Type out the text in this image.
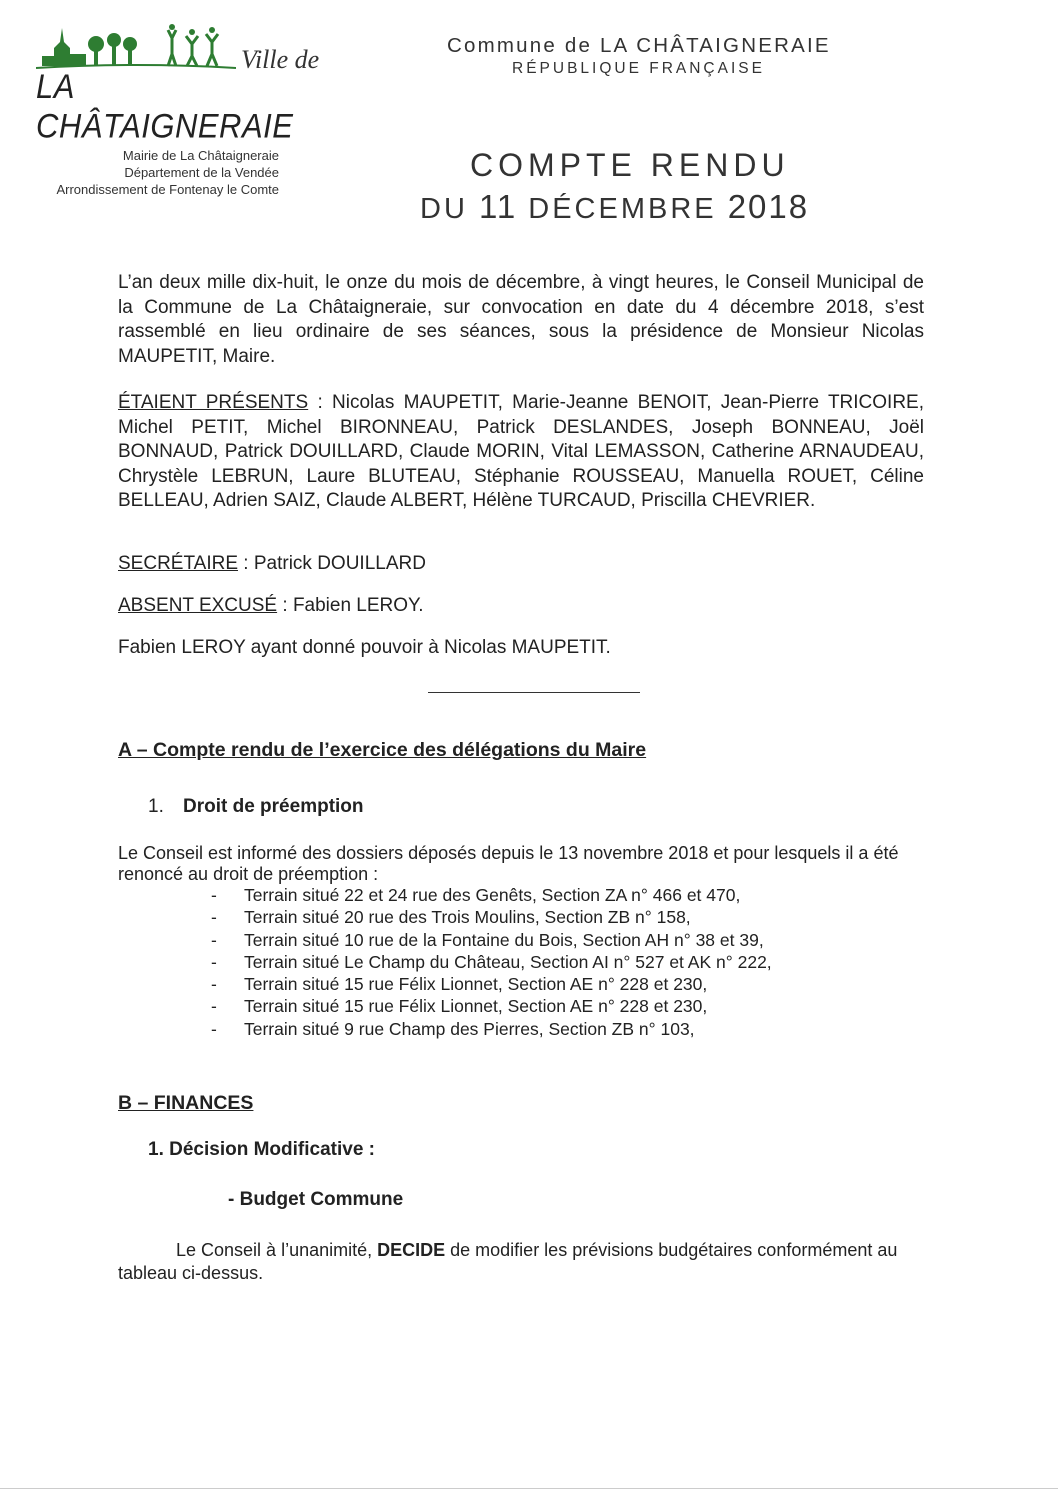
Ville de
LA CHÂTAIGNERAIE
Commune de LA CHÂTAIGNERAIE
RÉPUBLIQUE FRANÇAISE
Mairie de La Châtaigneraie
Département de la Vendée
Arrondissement de Fontenay le Comte
COMPTE RENDU
DU 11 DÉCEMBRE 2018
L’an deux mille dix-huit, le onze du mois de décembre, à vingt heures, le Conseil Municipal de la Commune de La Châtaigneraie, sur convocation en date du 4 décembre 2018, s’est rassemblé en lieu ordinaire de ses séances, sous la présidence de Monsieur Nicolas MAUPETIT, Maire.
ÉTAIENT PRÉSENTS : Nicolas MAUPETIT, Marie-Jeanne BENOIT, Jean-Pierre TRICOIRE, Michel PETIT, Michel BIRONNEAU, Patrick DESLANDES, Joseph BONNEAU, Joël BONNAUD, Patrick DOUILLARD, Claude MORIN, Vital LEMASSON, Catherine ARNAUDEAU, Chrystèle LEBRUN, Laure BLUTEAU, Stéphanie ROUSSEAU, Manuella ROUET, Céline BELLEAU, Adrien SAIZ, Claude ALBERT, Hélène TURCAUD, Priscilla CHEVRIER.
SECRÉTAIRE : Patrick DOUILLARD
ABSENT EXCUSÉ : Fabien LEROY.
Fabien LEROY ayant donné pouvoir à Nicolas MAUPETIT.
A – Compte rendu de l’exercice des délégations du Maire
1. Droit de préemption
Le Conseil est informé des dossiers déposés depuis le 13 novembre 2018 et pour lesquels il a été renoncé au droit de préemption :
- Terrain situé 22 et 24 rue des Genêts, Section ZA n° 466 et 470,
- Terrain situé 20 rue des Trois Moulins, Section ZB n° 158,
- Terrain situé 10 rue de la Fontaine du Bois, Section AH n° 38 et 39,
- Terrain situé Le Champ du Château, Section AI n° 527 et AK n° 222,
- Terrain situé 15 rue Félix Lionnet, Section AE n° 228 et 230,
- Terrain situé 15 rue Félix Lionnet, Section AE n° 228 et 230,
- Terrain situé 9 rue Champ des Pierres, Section ZB n° 103,
B – FINANCES
1. Décision Modificative :
- Budget Commune
Le Conseil à l’unanimité, DECIDE de modifier les prévisions budgétaires conformément au tableau ci-dessus.
